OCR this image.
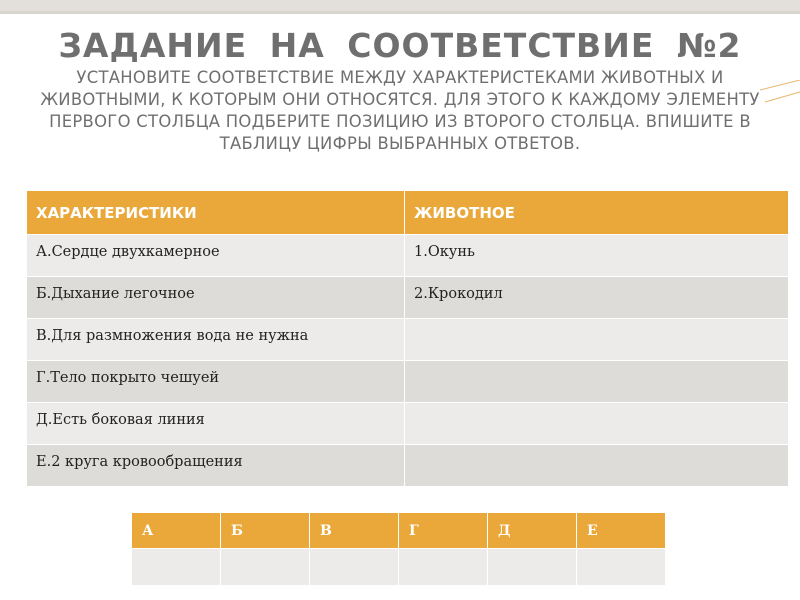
ЗАДАНИЕ НА СООТВЕТСТВИЕ №2
УСТАНОВИТЕ СООТВЕТСТВИЕ МЕЖДУ ХАРАКТЕРИСТЕКАМИ ЖИВОТНЫХ И ЖИВОТНЫМИ, К КОТОРЫМ ОНИ ОТНОСЯТСЯ. ДЛЯ ЭТОГО К КАЖДОМУ ЭЛЕМЕНТУ ПЕРВОГО СТОЛБЦА ПОДБЕРИТЕ ПОЗИЦИЮ ИЗ ВТОРОГО СТОЛБЦА. ВПИШИТЕ В ТАБЛИЦУ ЦИФРЫ ВЫБРАННЫХ ОТВЕТОВ.
ХАРАКТЕРИСТИКИ	ЖИВОТНОЕ
А.Сердце двухкамерное	1.Окунь
Б.Дыхание легочное	2.Крокодил
В.Для размножения вода не нужна	
Г.Тело покрыто чешуей	
Д.Есть боковая линия	
Е.2 круга кровообращения	
А	Б	В	Г	Д	Е
